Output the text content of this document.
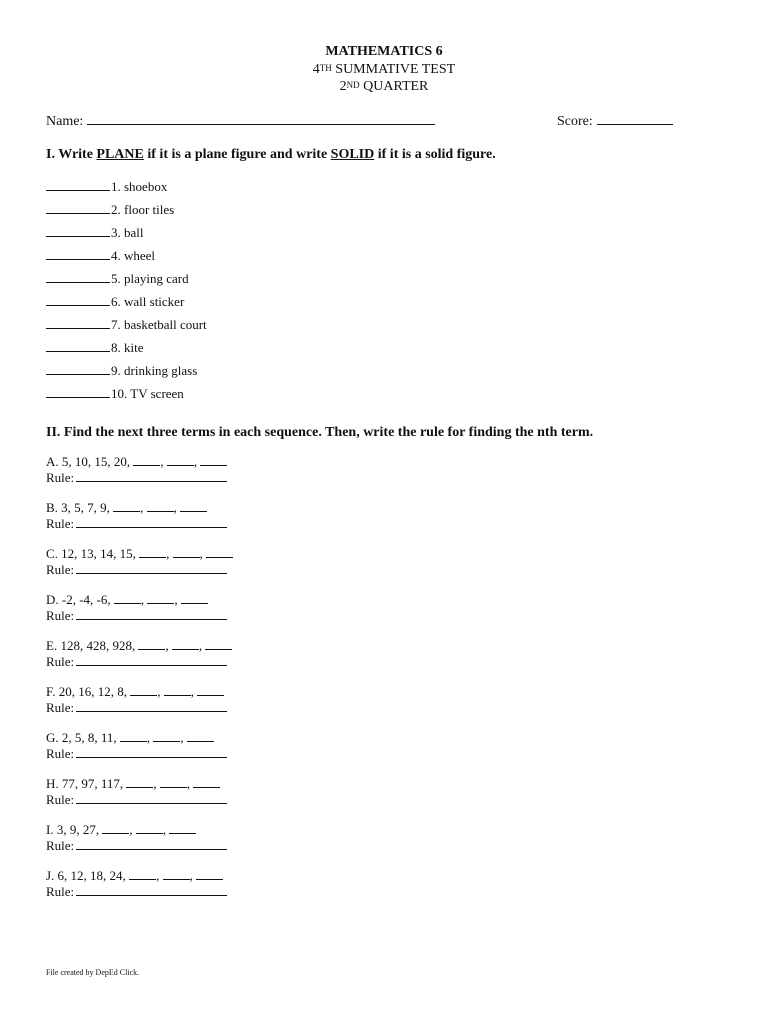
MATHEMATICS 6
4TH SUMMATIVE TEST
2ND QUARTER
Name:	Score:
I. Write PLANE if it is a plane figure and write SOLID if it is a solid figure.
1. shoebox
2. floor tiles
3. ball
4. wheel
5. playing card
6. wall sticker
7. basketball court
8. kite
9. drinking glass
10. TV screen
II. Find the next three terms in each sequence. Then, write the rule for finding the nth term.
A. 5, 10, 15, 20, , ,
Rule:
B. 3, 5, 7, 9, , ,
Rule:
C. 12, 13, 14, 15, , ,
Rule:
D. -2, -4, -6, , ,
Rule:
E. 128, 428, 928, , ,
Rule:
F. 20, 16, 12, 8, , ,
Rule:
G. 2, 5, 8, 11, , ,
Rule:
H. 77, 97, 117, , ,
Rule:
I. 3, 9, 27, , ,
Rule:
J. 6, 12, 18, 24, , ,
Rule:
File created by DepEd Click.
